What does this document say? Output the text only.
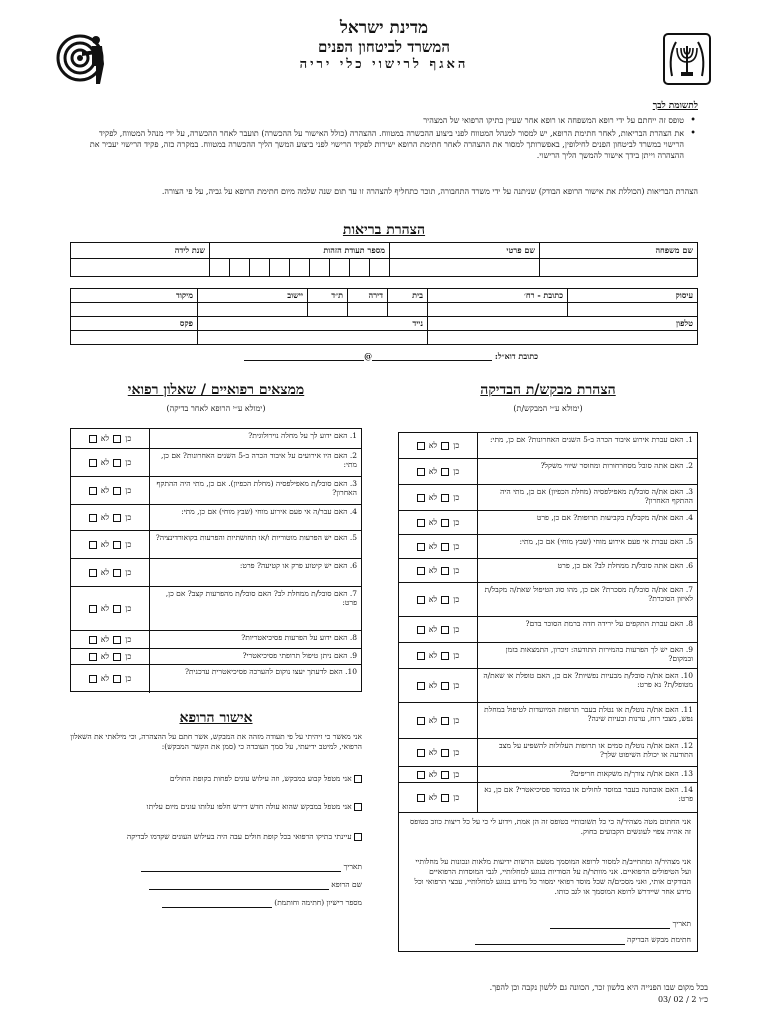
מדינת ישראל
המשרד לביטחון הפנים
האגף לרישוי כלי יריה
לתשומת לבך
• טופס זה ייחתם על ידי רופא המשפחה או רופא אחר שעיין בתיקו הרפואי של המצהיר
• את הצהרת הבריאות, לאחר חתימת הרופא, יש למסור למנהל המטווח לפני ביצוע ההכשרה במטווח. ההצהרה (כולל האישור על ההכשרה) תועבר לאחר ההכשרה, על ידי מנהל המטווח, לפקיד הרישוי במשרד לביטחון הפנים לחילופין, באפשרותך למסור את ההצהרה לאחר חתימת הרופא ישירות לפקיד הרישוי לפני ביצוע המשך הליך ההכשרה במטווח. במקרה כזה, פקיד הרישוי יעביר את ההצהרה וייתן בידך אישור להמשך הליך הרישוי.
הצהרת הבריאות (הכוללת את אישור הרופא הבודק) שניתנה על ידי משרד התחבורה, תוכר כתחליף להצהרה זו עד תום שנה שלמה מיום חתימת הרופא על גביה, על פי הצורה.
הצהרת בריאות
שם משפחה	שם פרטי	מספר תעודת הזהות	שנת לידה

עיסוק	כתובת - רח׳	בית	דירה	ת״ד	יישוב	מיקוד

טלפון		נייד				פקס

כתובת דוא״ל: @
הצהרת מבקש/ת הבדיקה
(ימולא ע״י המבקש/ת)
1. האם עברת אירוע איבוד הכרה ב-5 השנים האחרונות? אם כן, מתי:
כן
לא
2. האם אתה סובל מסחרחורות ומחוסר שיווי משקל?
כן
לא
3. האם את/ה סובל/ת מאפילפסיה (מחלת הכפיון) אם כן, מתי היה ההתקף האחרון?
כן
לא
4. האם את/ה מקבל/ת בקביעות תרופות? אם כן, פרט
כן
לא
5. האם עברת אי פעם אירוע מוחי (שבץ מוחי) אם כן, מתי:
כן
לא
6. האם אתה סובל/ת ממחלת לב? אם כן, פרט
כן
לא
7. האם את/ה סובל/ת מסכרת? אם כן, מהו סוג הטיפול שאת/ה מקבל/ת לאיזון הסוכרת?
כן
לא
8. האם עברת התקפים על ירידה חדה ברמת הסוכר בדם?
כן
לא
9. האם יש לך הפרעות בהמירות התודעה: זיכרון, התמצאות בזמן ובמקום?
כן
לא
10. האם את/ה סובל/ת מבעיות נפשיות? אם כן, האם טופלת או שאת/ה מטופל/ת? נא פרט:
כן
לא
11. האם את/ה נוטל/ת או נטלת בעבר תרופות המיועדות לטיפול במחלת נפש, מצבי רוח, ערנות ובעיות שינה?
כן
לא
12. האם את/ה נוטל/ת סמים או תרופות העלולות להשפיע על מצב התודעה או יכולת השיפוט שלך?
כן
לא
13. האם את/ה צורך/ת משקאות חריפים?
כן
לא
14. האם אובחנה בעבר במוסד לחולים או במוסד פסיכיאטרי? אם כן, נא פרט:
כן
לא
אני החתום מטה מצהיר/ה כי כל תשובותיי בטופס זה הן אמת, וידוע לי כי על כל ריצות כוזב בטופס זה אהיה צפוי לעונשים הקבועים בחוק.
אני מצהיר/ה ומתחייב/ת למסור לרופא המוסמך מטעם הרשות ידיעות מלאות ונכונות על מחלותיי ועל הטיפולים הרפואיים. אני מוותר/ת על הסודיות בנוגע למחלותיי, לגבי המוסדות הרפואיים הבודקים אותי, ואני מסכים/ה שכל מוסד רפואי ימסור כל מידע בנוגע למחלותיי, עבצי הרפואי וכל מידע אחר שיידרש לרופא המוסמך או לגב כותו.
תאריך
חתימת מבקש הבדיקה
ממצאים רפואיים / שאלון רפואי
(ימולא ע״י הרופא לאחר בדיקה)
1. האם ידוע לך על מחלה נוירולוגית?
כן
לא
2. האם היו אירועים על איבוד הכרה ב-5 השנים האחרונות? אם כן, מתי:
כן
לא
3. האם סובל/ת מאפילפסיה (מחלת הכפיון). אם כן, מתי היה ההתקף האחרון?
כן
לא
4. האם עבר/ה אי פעם אירוע מוחי (שבץ מוחי) אם כן, מתי:
כן
לא
5. האם יש הפרעות מוטוריות ו/או תחושתיות והפרעות בקואורדינציה?
כן
לא
6. האם יש קיטוע פרק או קטיעה? פרט:
כן
לא
7. האם סובל/ת ממחלת לב? האם סובל/ת מהפרעות קצב? אם כן, פרט:
כן
לא
8. האם ידוע על הפרעות פסיכיאטריות?
כן
לא
9. האם ניתן טיפול תרופתי פסיכיאטרי?
כן
לא
10. האם לדעתך יעצו נוקום להערכה פסיכיאטרית עדכנית?
כן
לא
אישור הרופא
אני מאשר כי זיהיתי על פי תעודה מזהה את המבקש, אשר חתם על ההצהרה, וכי מילאתי את השאלון הרפואי, למיטב ידיעתי, על סמך העובדה כי (סמן את הקשר המבקש):
אני מטפל קבוע במבקש, וזה עילוש עונים לפחות בקופת החולים
אני מטפל במבקש שהוא עולה חדש דירש חלפו עלותו עונים מיום עליתו
עיינתי בתיקו הרפואי בכל קופת חולים עבה היה בעילוש העונים שקדמו לבדיקה
תאריך
שם הרופא
מספר רישיון (חתימה וחותמת)
בכל מקום שבו הפנייה היא בלשון זכר, הכוונה גם ללשון נקבה וכן להפך.
כ״ו 2 / 02 /03
